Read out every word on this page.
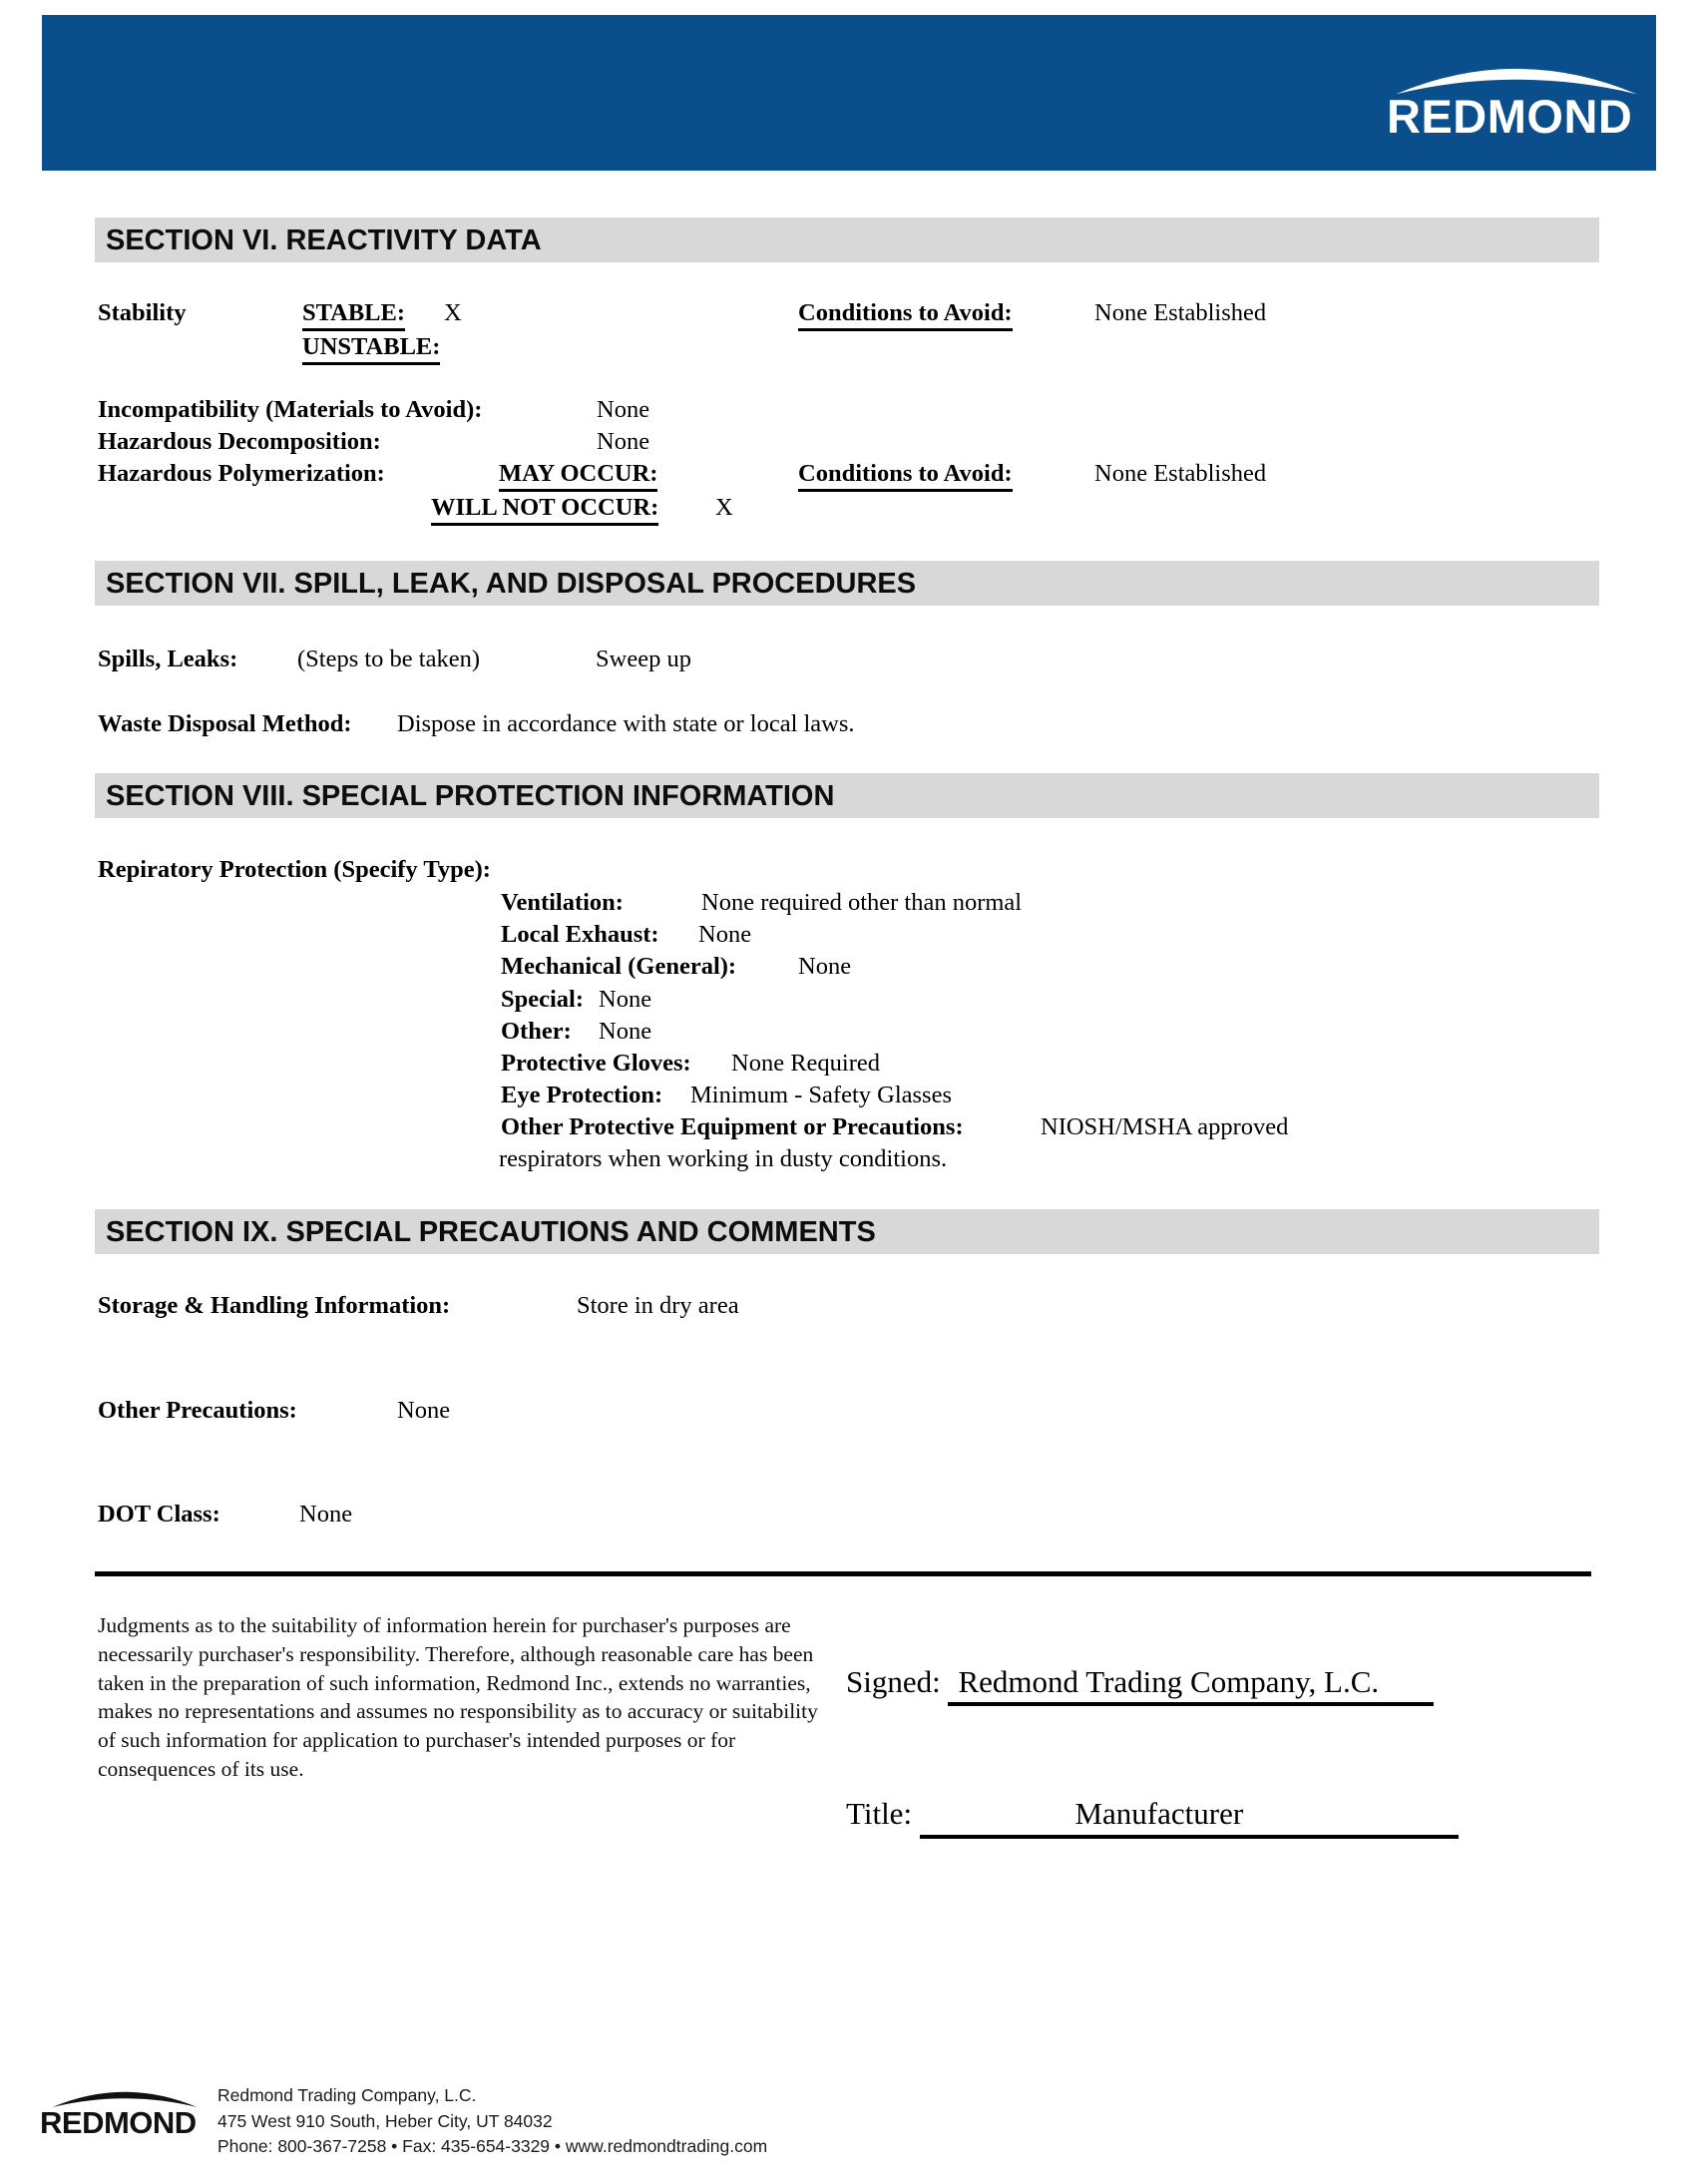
REDMOND
SECTION VI. REACTIVITY DATA
Stability	STABLE: X	Conditions to Avoid:	None Established
UNSTABLE:
Incompatibility (Materials to Avoid):	None
Hazardous Decomposition:	None
Hazardous Polymerization:	MAY OCCUR:	Conditions to Avoid:	None Established
WILL NOT OCCUR: X
SECTION VII. SPILL, LEAK, AND DISPOSAL PROCEDURES
Spills, Leaks: (Steps to be taken)	Sweep up
Waste Disposal Method: Dispose in accordance with state or local laws.
SECTION VIII. SPECIAL PROTECTION INFORMATION
Repiratory Protection (Specify Type):
Ventilation:	None required other than normal
Local Exhaust: None
Mechanical (General):	None
Special: None
Other: None
Protective Gloves: None Required
Eye Protection: Minimum - Safety Glasses
Other Protective Equipment or Precautions:	NIOSH/MSHA approved
respirators when working in dusty conditions.
SECTION IX. SPECIAL PRECAUTIONS AND COMMENTS
Storage & Handling Information:	Store in dry area
Other Precautions:	None
DOT Class:	None
Judgments as to the suitability of information herein for purchaser's purposes are necessarily purchaser's responsibility. Therefore, although reasonable care has been taken in the preparation of such information, Redmond Inc., extends no warranties, makes no representations and assumes no responsibility as to accuracy or suitability of such information for application to purchaser's intended purposes or for consequences of its use.
Signed: Redmond Trading Company, L.C.
Title:	Manufacturer
REDMOND
Redmond Trading Company, L.C.
475 West 910 South, Heber City, UT 84032
Phone: 800-367-7258 • Fax: 435-654-3329 • www.redmondtrading.com
